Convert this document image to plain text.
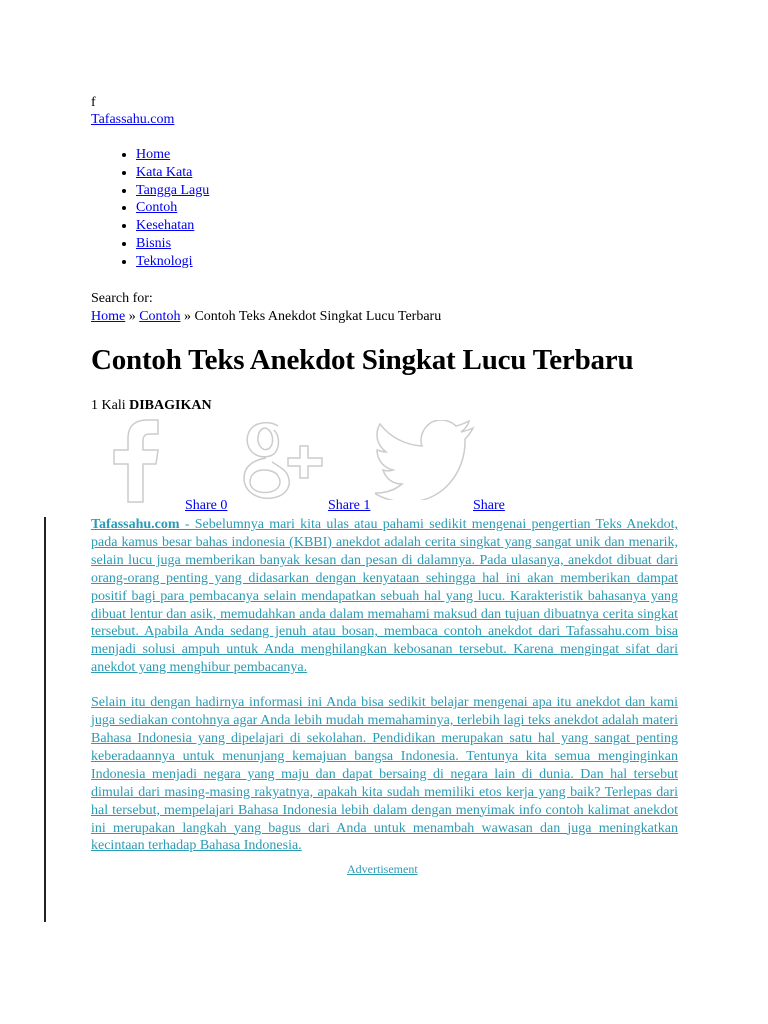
f
Tafassahu.com
• Home
• Kata Kata
• Tangga Lagu
• Contoh
• Kesehatan
• Bisnis
• Teknologi
Search for:
Home » Contoh » Contoh Teks Anekdot Singkat Lucu Terbaru
Contoh Teks Anekdot Singkat Lucu Terbaru
1 Kali DIBAGIKAN
Share 0	Share 1	Share

Tafassahu.com - Sebelumnya mari kita ulas atau pahami sedikit mengenai pengertian Teks Anekdot, pada kamus besar bahas indonesia (KBBI) anekdot adalah cerita singkat yang sangat unik dan menarik, selain lucu juga memberikan banyak kesan dan pesan di dalamnya. Pada ulasanya, anekdot dibuat dari orang-orang penting yang didasarkan dengan kenyataan sehingga hal ini akan memberikan dampat positif bagi para pembacanya selain mendapatkan sebuah hal yang lucu. Karakteristik bahasanya yang dibuat lentur dan asik, memudahkan anda dalam memahami maksud dan tujuan dibuatnya cerita singkat tersebut. Apabila Anda sedang jenuh atau bosan, membaca contoh anekdot dari Tafassahu.com bisa menjadi solusi ampuh untuk Anda menghilangkan kebosanan tersebut. Karena mengingat sifat dari anekdot yang menghibur pembacanya.

Selain itu dengan hadirnya informasi ini Anda bisa sedikit belajar mengenai apa itu anekdot dan kami juga sediakan contohnya agar Anda lebih mudah memahaminya, terlebih lagi teks anekdot adalah materi Bahasa Indonesia yang dipelajari di sekolahan. Pendidikan merupakan satu hal yang sangat penting keberadaannya untuk menunjang kemajuan bangsa Indonesia. Tentunya kita semua menginginkan Indonesia menjadi negara yang maju dan dapat bersaing di negara lain di dunia. Dan hal tersebut dimulai dari masing-masing rakyatnya, apakah kita sudah memiliki etos kerja yang baik? Terlepas dari hal tersebut, mempelajari Bahasa Indonesia lebih dalam dengan menyimak info contoh kalimat anekdot ini merupakan langkah yang bagus dari Anda untuk menambah wawasan dan juga meningkatkan kecintaan terhadap Bahasa Indonesia.

Advertisement
